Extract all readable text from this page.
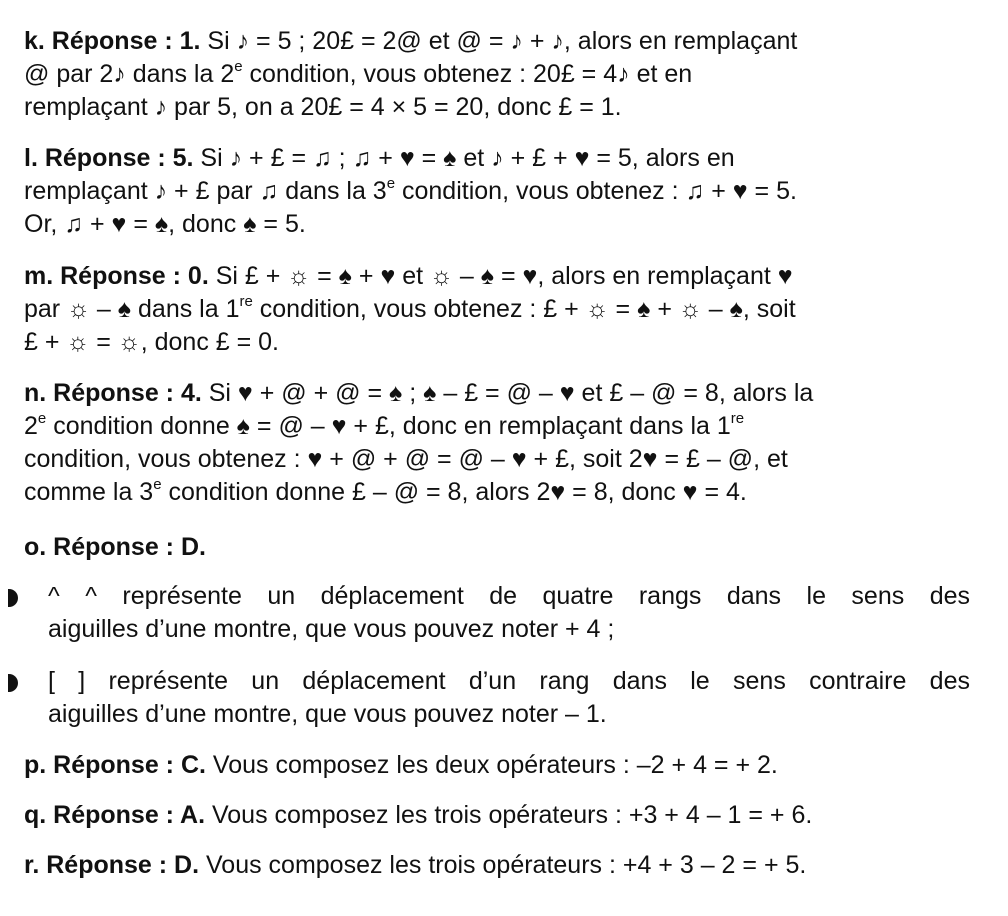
k. Réponse : 1. Si ♪ = 5 ; 20£ = 2@ et @ = ♪ + ♪, alors en remplaçant
@ par 2♪ dans la 2e condition, vous obtenez : 20£ = 4♪ et en
remplaçant ♪ par 5, on a 20£ = 4 × 5 = 20, donc £ = 1.
l. Réponse : 5. Si ♪ + £ = ♫ ; ♫ + ♥ = ♠ et ♪ + £ + ♥ = 5, alors en
remplaçant ♪ + £ par ♫ dans la 3e condition, vous obtenez : ♫ + ♥ = 5.
Or, ♫ + ♥ = ♠, donc ♠ = 5.
m. Réponse : 0. Si £ + ☼ = ♠ + ♥ et ☼ – ♠ = ♥, alors en remplaçant ♥
par ☼ – ♠ dans la 1re condition, vous obtenez : £ + ☼ = ♠ + ☼ – ♠, soit
£ + ☼ = ☼, donc £ = 0.
n. Réponse : 4. Si ♥ + @ + @ = ♠ ; ♠ – £ = @ – ♥ et £ – @ = 8, alors la
2e condition donne ♠ = @ – ♥ + £, donc en remplaçant dans la 1re
condition, vous obtenez : ♥ + @ + @ = @ – ♥ + £, soit 2♥ = £ – @, et
comme la 3e condition donne £ – @ = 8, alors 2♥ = 8, donc ♥ = 4.
o. Réponse : D.
^ ^ représente un déplacement de quatre rangs dans le sens des
aiguilles d’une montre, que vous pouvez noter + 4 ;
[ ] représente un déplacement d’un rang dans le sens contraire des
aiguilles d’une montre, que vous pouvez noter – 1.
p. Réponse : C. Vous composez les deux opérateurs : –2 + 4 = + 2.
q. Réponse : A. Vous composez les trois opérateurs : +3 + 4 – 1 = + 6.
r. Réponse : D. Vous composez les trois opérateurs : +4 + 3 – 2 = + 5.
